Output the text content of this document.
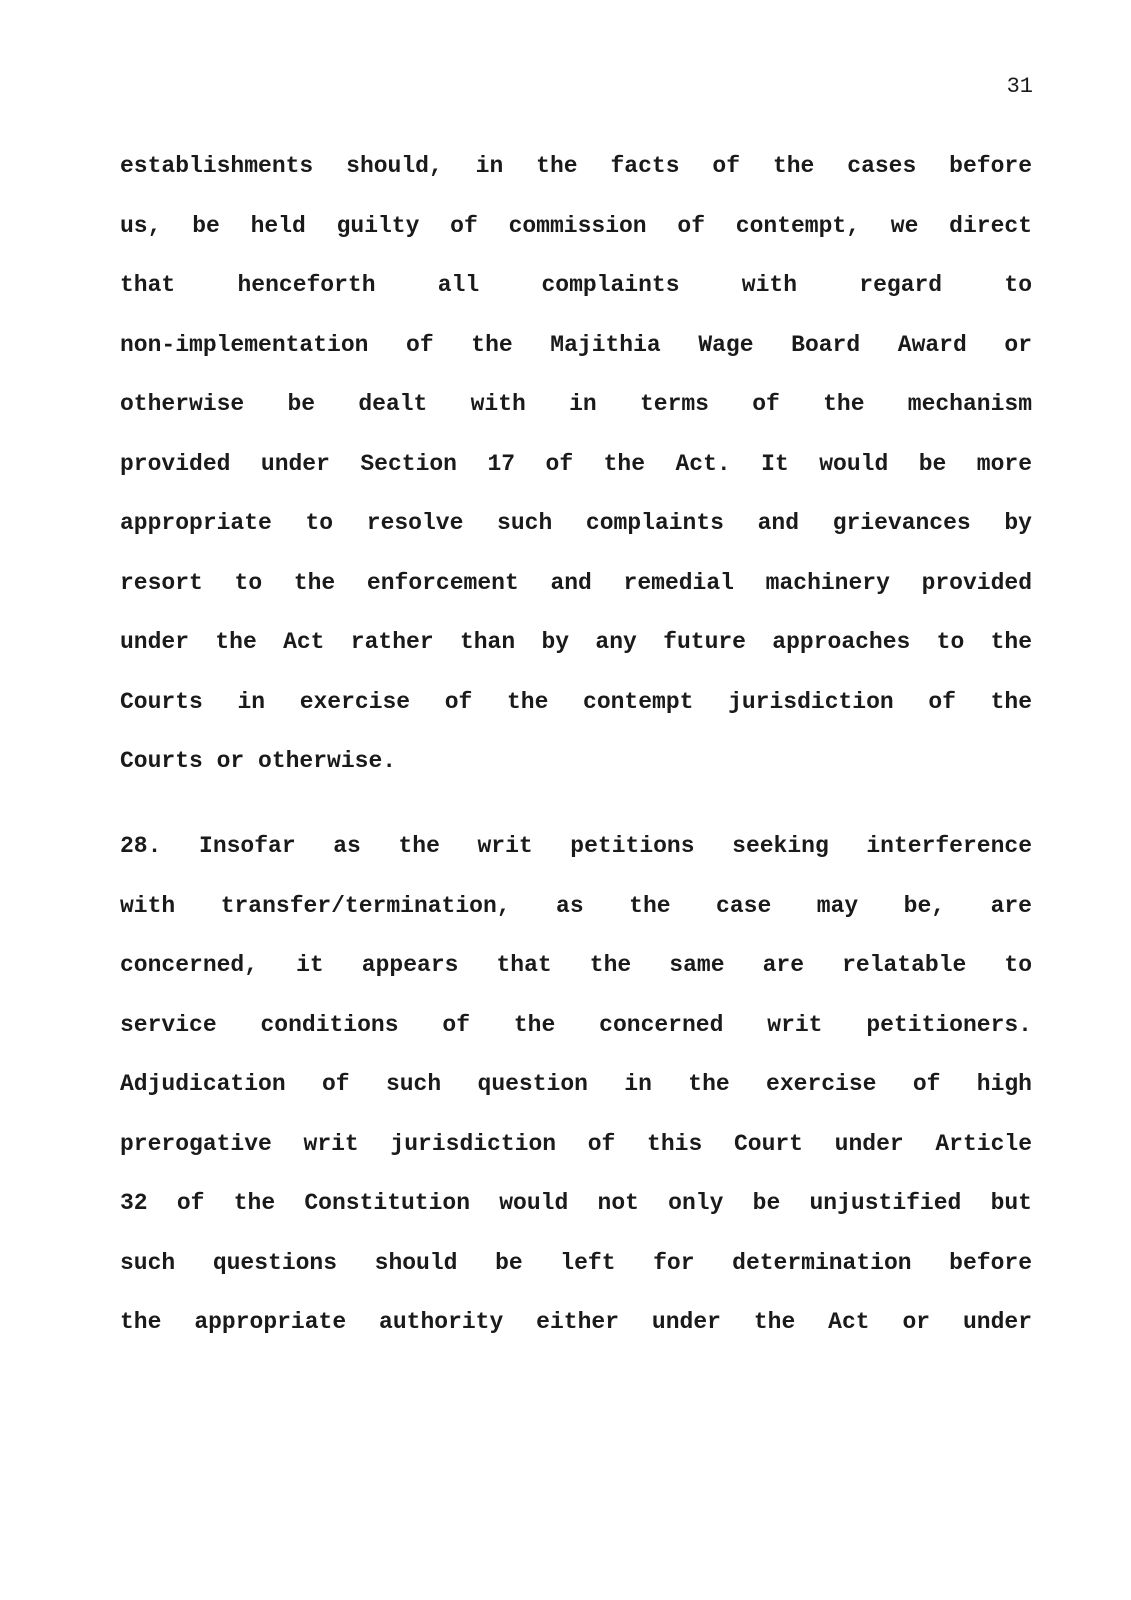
31
establishments should, in the facts of the cases before
us, be held guilty of commission of contempt, we direct
that henceforth all complaints with regard to
non-implementation of the Majithia Wage Board Award or
otherwise be dealt with in terms of the mechanism
provided under Section 17 of the Act. It would be more
appropriate to resolve such complaints and grievances by
resort to the enforcement and remedial machinery provided
under the Act rather than by any future approaches to the
Courts in exercise of the contempt jurisdiction of the
Courts or otherwise.
28. Insofar as the writ petitions seeking interference
with transfer/termination, as the case may be, are
concerned, it appears that the same are relatable to
service conditions of the concerned writ petitioners.
Adjudication of such question in the exercise of high
prerogative writ jurisdiction of this Court under Article
32 of the Constitution would not only be unjustified but
such questions should be left for determination before
the appropriate authority either under the Act or under
